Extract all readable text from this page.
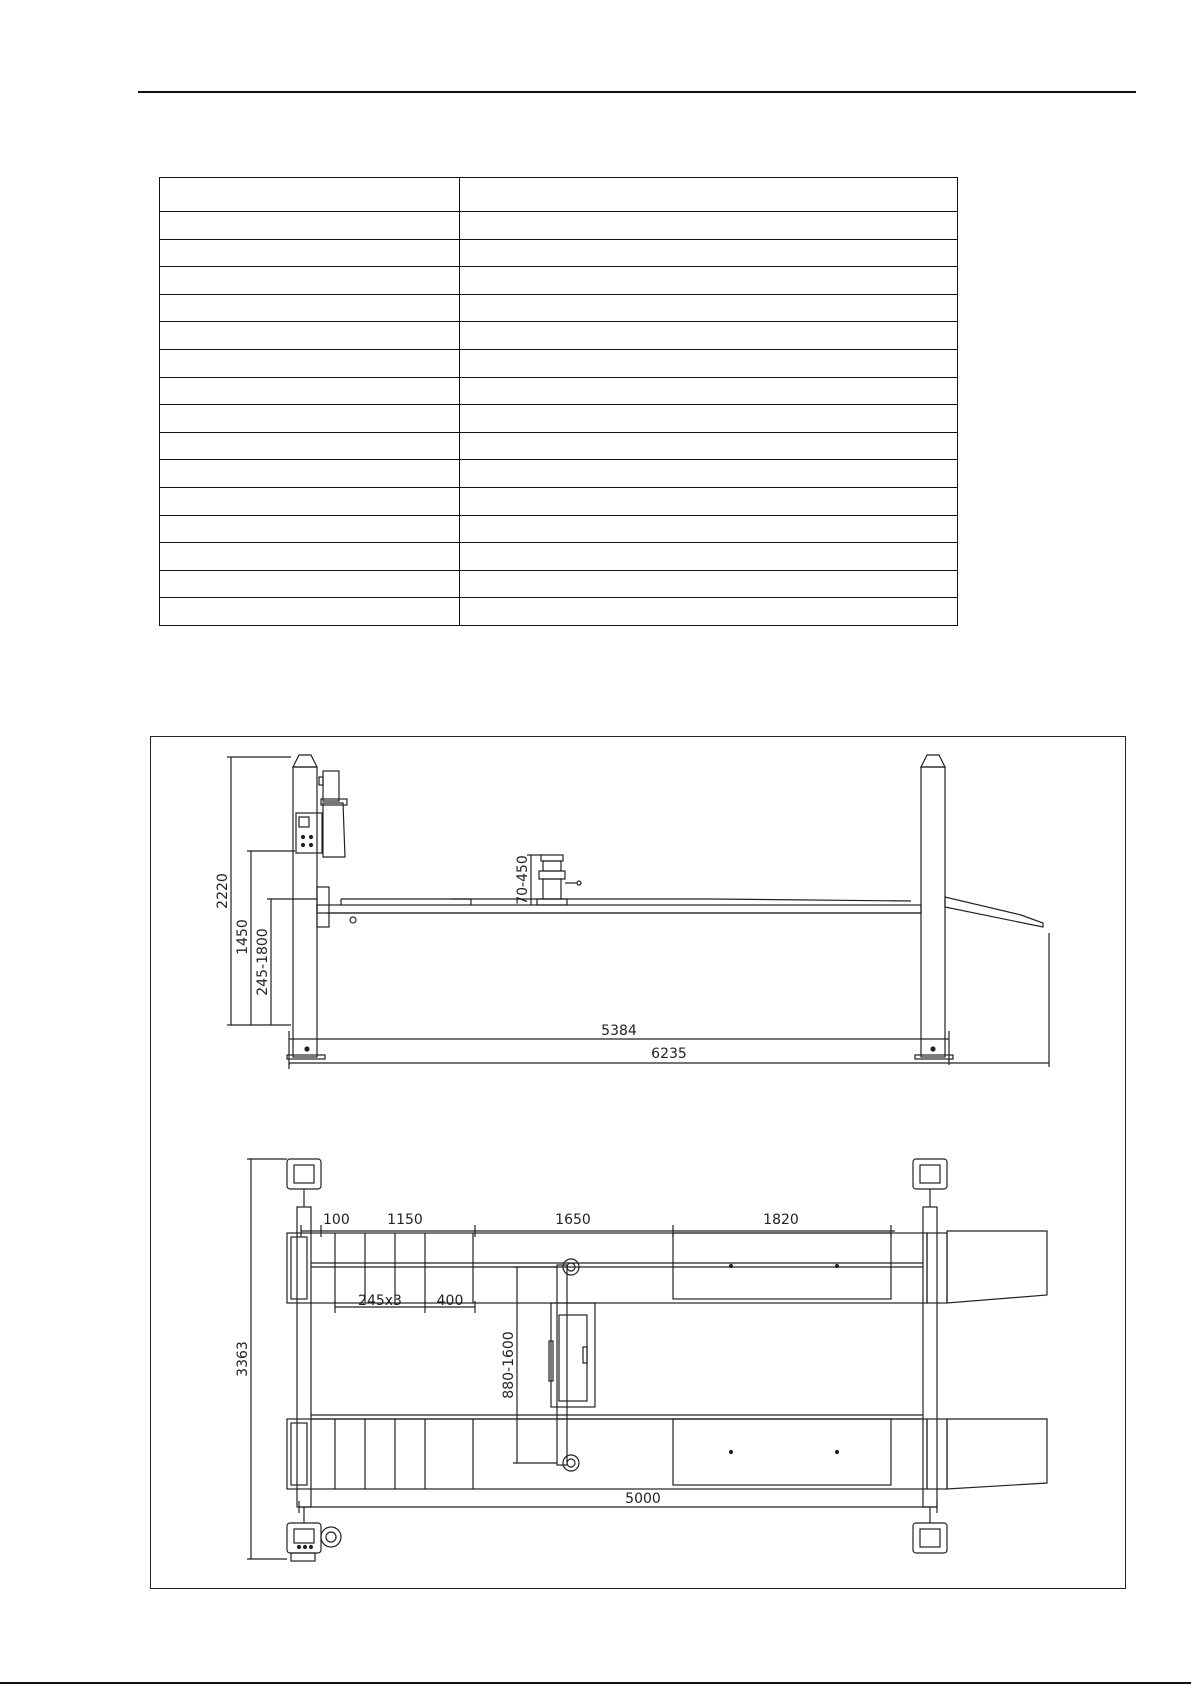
2220
1450 245-1800
70-450
5384
6235
3363
100	1150	1650	1820
245x3 400
880-1600
5000
